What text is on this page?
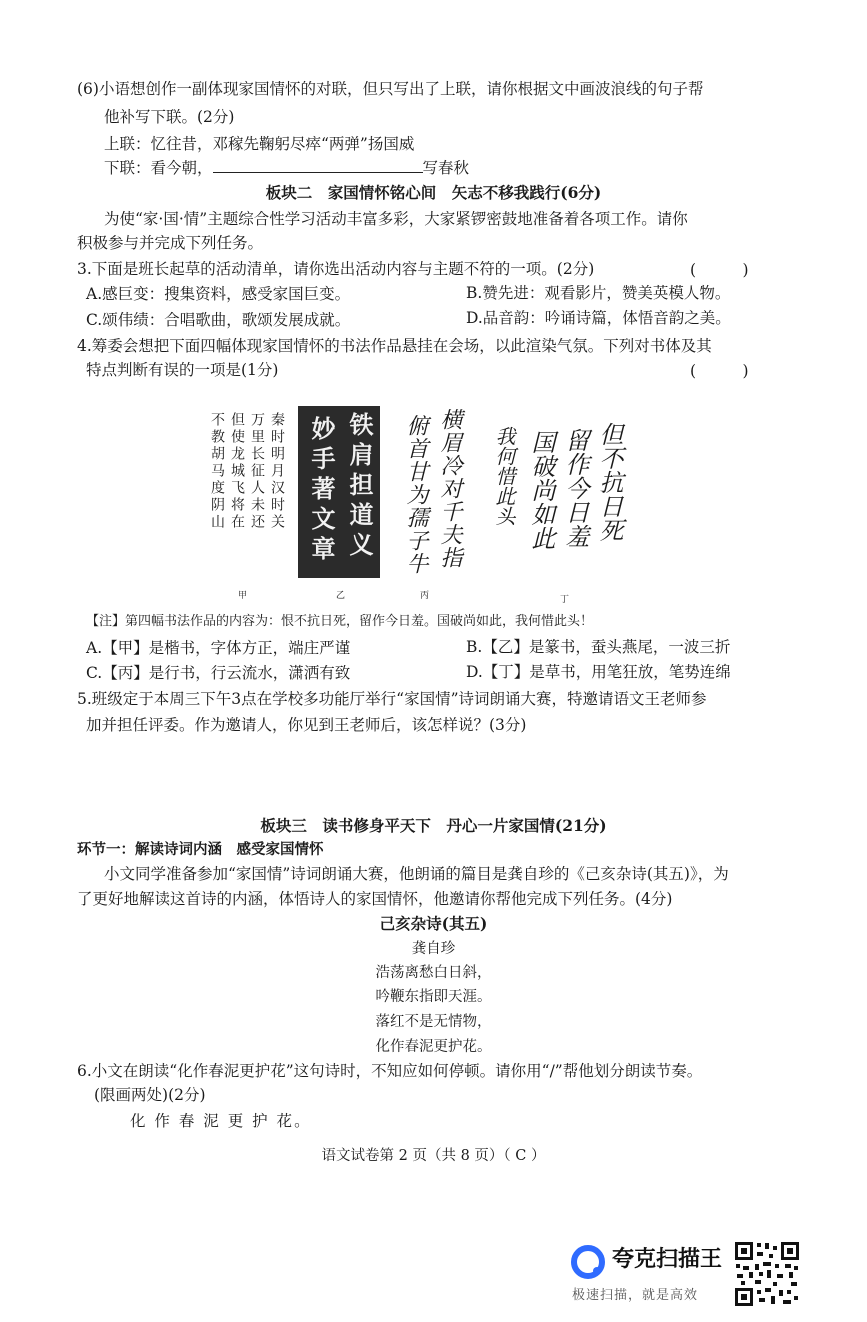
(6)小语想创作一副体现家国情怀的对联，但只写出了上联，请你根据文中画波浪线的句子帮
他补写下联。(2分)
上联：忆往昔，邓稼先鞠躬尽瘁“两弹”扬国威
下联：看今朝，	写春秋
板块二　家国情怀铭心间　矢志不移我践行(6分)
为使“家·国·情”主题综合性学习活动丰富多彩，大家紧锣密鼓地准备着各项工作。请你
积极参与并完成下列任务。
3.下面是班长起草的活动清单，请你选出活动内容与主题不符的一项。(2分)	(　　　)
A.感巨变：搜集资料，感受家国巨变。	B.赞先进：观看影片，赞美英模人物。
C.颂伟绩：合唱歌曲，歌颂发展成就。	D.品音韵：吟诵诗篇，体悟音韵之美。
4.筹委会想把下面四幅体现家国情怀的书法作品悬挂在会场，以此渲染气氛。下列对书体及其
特点判断有误的一项是(1分)	(　　　)
秦时明月汉时关
万里长征人未还
但使龙城飞将在
不教胡马度阴山	铁肩担道义
妙手著文章	横眉冷对千夫指
俯首甘为孺子牛	但不抗日死
留作今日羞
国破尚如此
我何惜此头
甲	乙	丙	丁
【注】第四幅书法作品的内容为：恨不抗日死，留作今日羞。国破尚如此，我何惜此头！
A.【甲】是楷书，字体方正，端庄严谨	B.【乙】是篆书，蚕头燕尾，一波三折
C.【丙】是行书，行云流水，潇洒有致	D.【丁】是草书，用笔狂放，笔势连绵
5.班级定于本周三下午3点在学校多功能厅举行“家国情”诗词朗诵大赛，特邀请语文王老师参
加并担任评委。作为邀请人，你见到王老师后，该怎样说？(3分)
板块三　读书修身平天下　丹心一片家国情(21分)
环节一：解读诗词内涵　感受家国情怀
小文同学准备参加“家国情”诗词朗诵大赛，他朗诵的篇目是龚自珍的《己亥杂诗(其五)》，为
了更好地解读这首诗的内涵，体悟诗人的家国情怀，他邀请你帮他完成下列任务。(4分)
己亥杂诗(其五)
龚自珍
浩荡离愁白日斜，
吟鞭东指即天涯。
落红不是无情物，
化作春泥更护花。
6.小文在朗读“化作春泥更护花”这句诗时，不知应如何停顿。请你用“/”帮他划分朗读节奏。
(限画两处)(2分)
化 作 春 泥 更 护 花。
语文试卷第 2 页（共 8 页）（ C ）
夸克扫描王
极速扫描，就是高效
